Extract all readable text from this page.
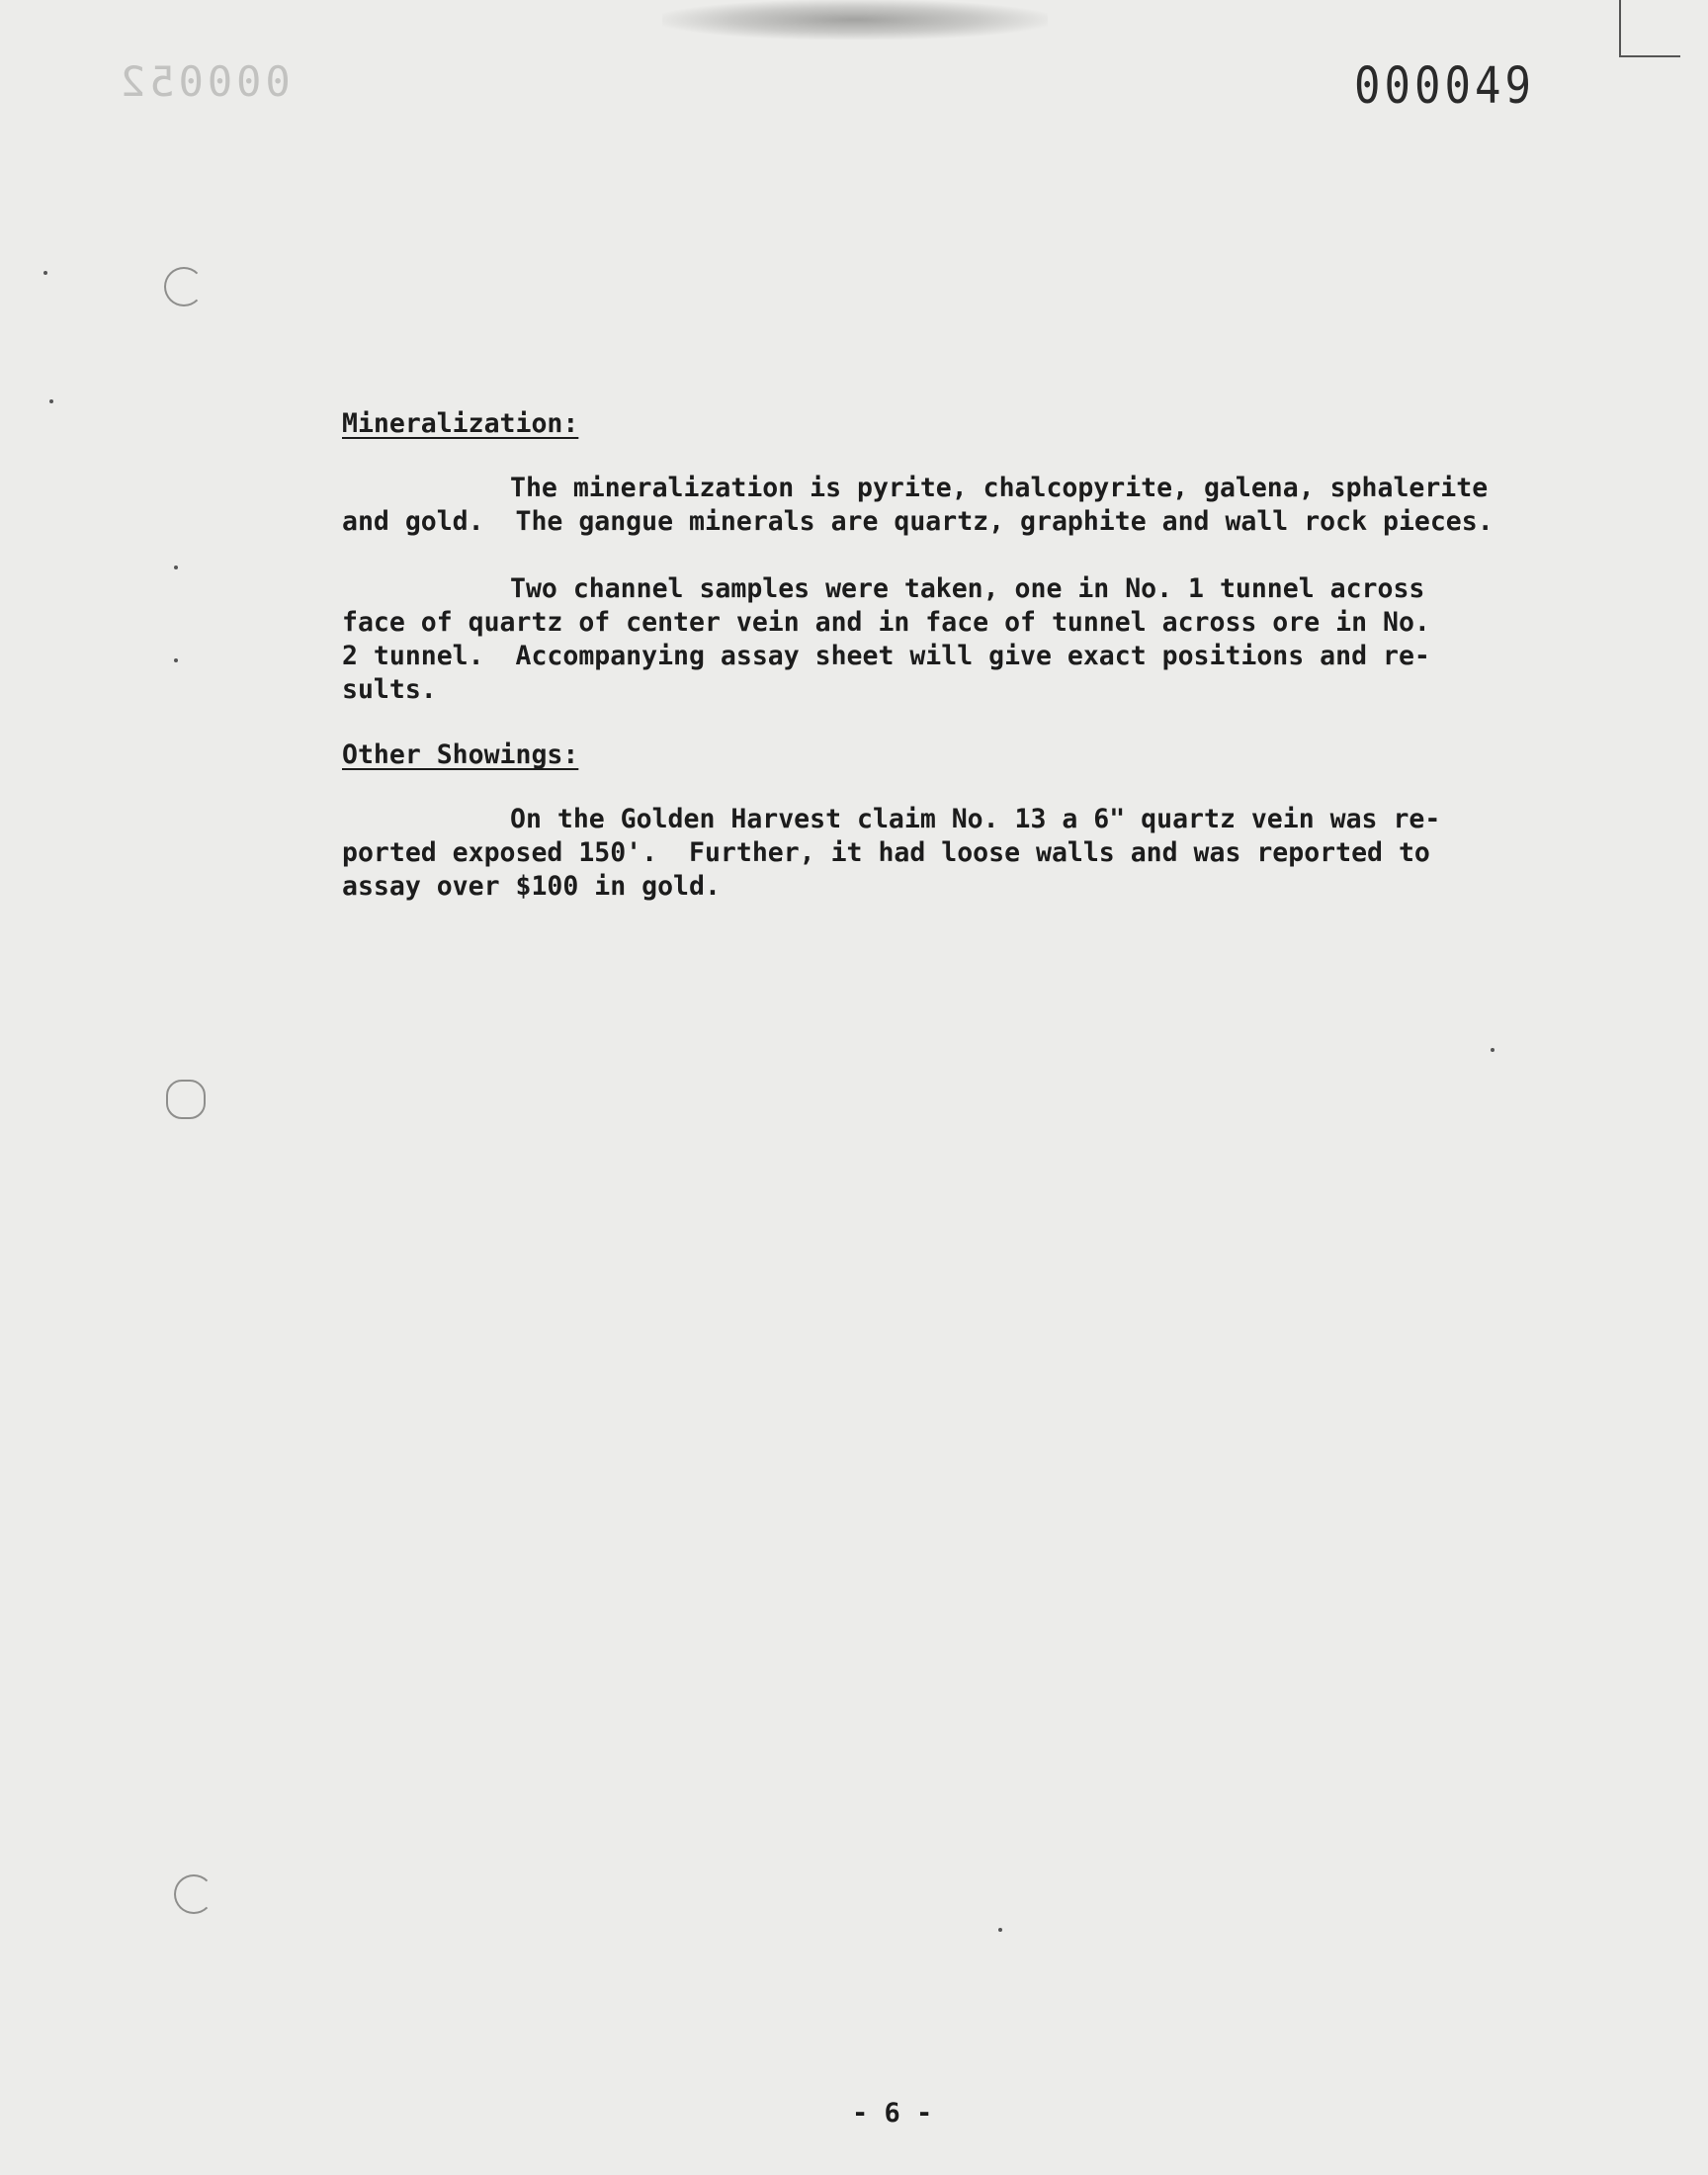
000052	000049
Mineralization:

The mineralization is pyrite, chalcopyrite, galena, sphalerite
and gold.  The gangue minerals are quartz, graphite and wall rock pieces.

Two channel samples were taken, one in No. 1 tunnel across
face of quartz of center vein and in face of tunnel across ore in No.
2 tunnel.  Accompanying assay sheet will give exact positions and re-
sults.

Other Showings:

On the Golden Harvest claim No. 13 a 6" quartz vein was re-
ported exposed 150'.  Further, it had loose walls and was reported to
assay over $100 in gold.

- 6 -
